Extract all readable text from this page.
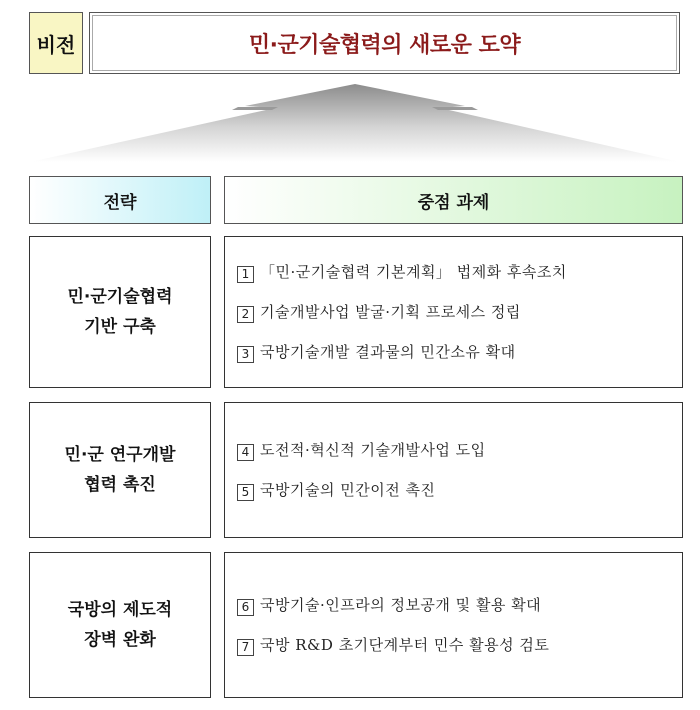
비전	민·군기술협력의 새로운 도약
전략	중점 과제
민·군기술협력
기반 구축
1 「민·군기술협력 기본계획」 법제화 후속조치
2 기술개발사업 발굴·기획 프로세스 정립
3 국방기술개발 결과물의 민간소유 확대
민·군 연구개발
협력 촉진
4 도전적·혁신적 기술개발사업 도입
5 국방기술의 민간이전 촉진
국방의 제도적
장벽 완화
6 국방기술·인프라의 정보공개 및 활용 확대
7 국방 R&D 초기단계부터 민수 활용성 검토
